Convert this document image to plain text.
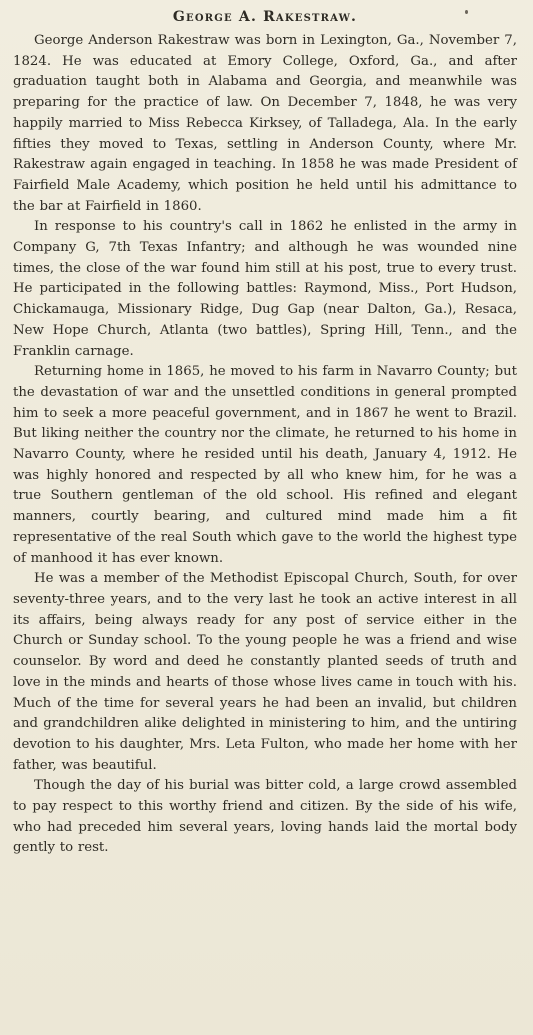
George A. Rakestraw.

George Anderson Rakestraw was born in Lexington, Ga., November 7, 1824. He was educated at Emory College, Oxford, Ga., and after graduation taught both in Alabama and Georgia, and meanwhile was preparing for the practice of law. On December 7, 1848, he was very happily married to Miss Rebecca Kirksey, of Talladega, Ala. In the early fifties they moved to Texas, settling in Anderson County, where Mr. Rakestraw again engaged in teaching. In 1858 he was made President of Fairfield Male Academy, which position he held until his admittance to the bar at Fairfield in 1860.

In response to his country's call in 1862 he enlisted in the army in Company G, 7th Texas Infantry; and although he was wounded nine times, the close of the war found him still at his post, true to every trust. He participated in the following battles: Raymond, Miss., Port Hudson, Chickamauga, Missionary Ridge, Dug Gap (near Dalton, Ga.), Resaca, New Hope Church, Atlanta (two battles), Spring Hill, Tenn., and the Franklin carnage.

Returning home in 1865, he moved to his farm in Navarro County; but the devastation of war and the unsettled conditions in general prompted him to seek a more peaceful government, and in 1867 he went to Brazil. But liking neither the country nor the climate, he returned to his home in Navarro County, where he resided until his death, January 4, 1912. He was highly honored and respected by all who knew him, for he was a true Southern gentleman of the old school. His refined and elegant manners, courtly bearing, and cultured mind made him a fit representative of the real South which gave to the world the highest type of manhood it has ever known.

He was a member of the Methodist Episcopal Church, South, for over seventy-three years, and to the very last he took an active interest in all its affairs, being always ready for any post of service either in the Church or Sunday school. To the young people he was a friend and wise counselor. By word and deed he constantly planted seeds of truth and love in the minds and hearts of those whose lives came in touch with his. Much of the time for several years he had been an invalid, but children and grandchildren alike delighted in ministering to him, and the untiring devotion to his daughter, Mrs. Leta Fulton, who made her home with her father, was beautiful.

Though the day of his burial was bitter cold, a large crowd assembled to pay respect to this worthy friend and citizen. By the side of his wife, who had preceded him several years, loving hands laid the mortal body gently to rest.
